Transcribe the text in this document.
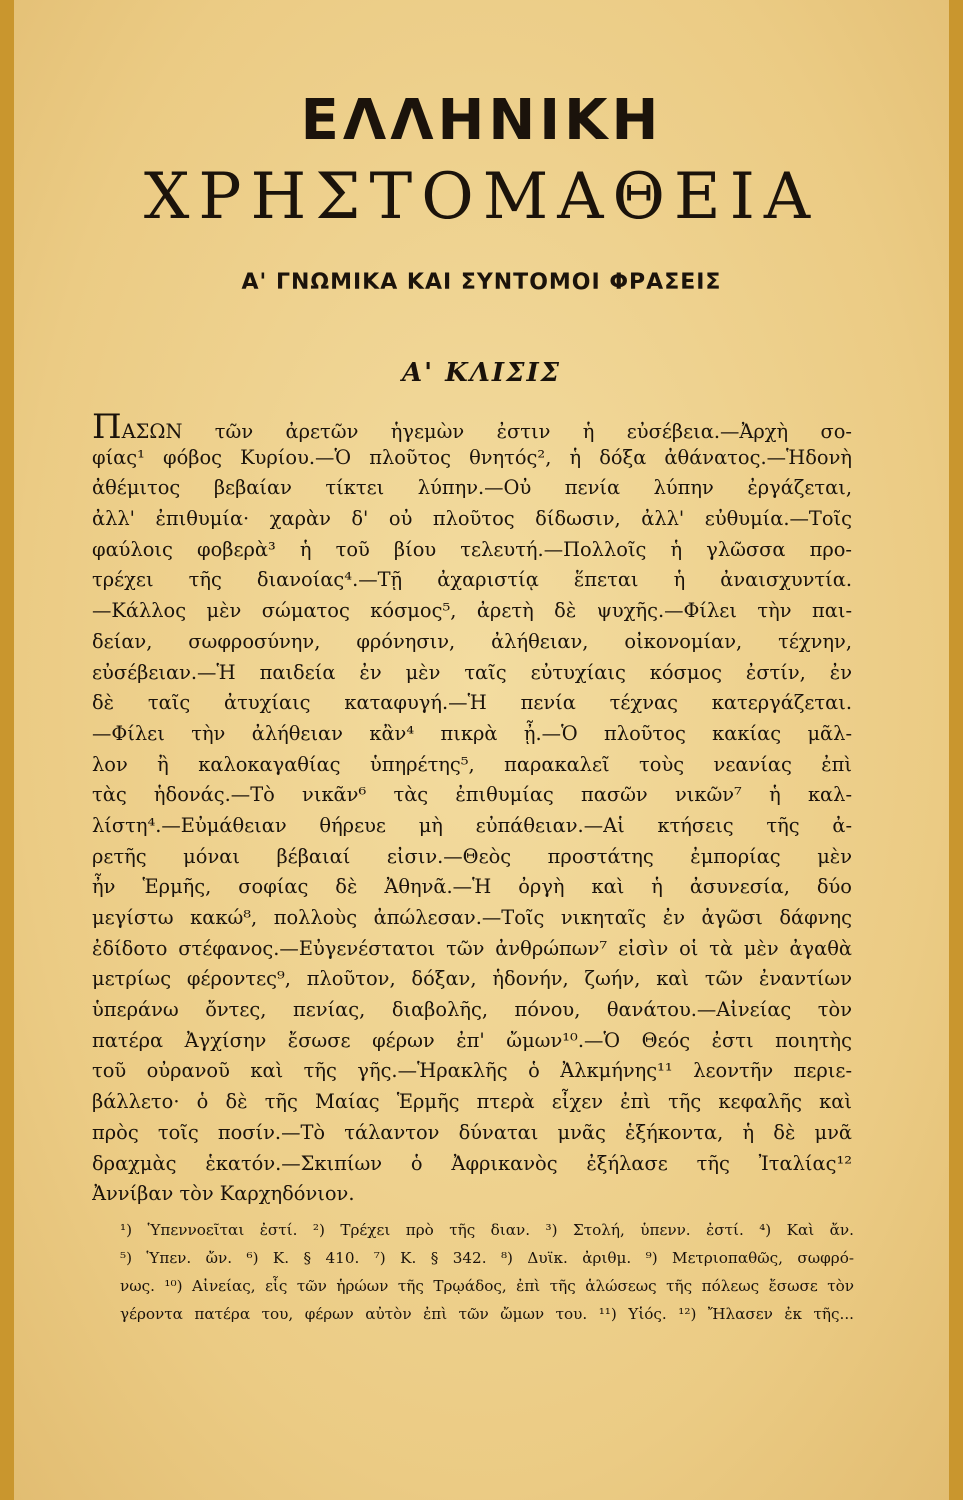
ΕΛΛΗΝΙΚΗ
ΧΡΗΣΤΟΜΑΘΕΙΑ
Α' ΓΝΩΜΙΚΑ ΚΑΙ ΣΥΝΤΟΜΟΙ ΦΡΑΣΕΙΣ
Α' ΚΛΙΣΙΣ
ΠΑΣΩΝ τῶν ἀρετῶν ἡγεμὼν ἐστιν ἡ εὐσέβεια.—Ἀρχὴ σο-
φίας¹ φόβος Κυρίου.—Ὁ πλοῦτος θνητός², ἡ δόξα ἀθάνατος.—Ἡδονὴ
ἀθέμιτος βεβαίαν τίκτει λύπην.—Οὐ πενία λύπην ἐργάζεται,
ἀλλ' ἐπιθυμία· χαρὰν δ' οὐ πλοῦτος δίδωσιν, ἀλλ' εὐθυμία.—Τοῖς
φαύλοις φοβερὰ³ ἡ τοῦ βίου τελευτή.—Πολλοῖς ἡ γλῶσσα προ-
τρέχει τῆς διανοίας⁴.—Τῇ ἀχαριστίᾳ ἕπεται ἡ ἀναισχυντία.
—Κάλλος μὲν σώματος κόσμος⁵, ἀρετὴ δὲ ψυχῆς.—Φίλει τὴν παι-
δείαν, σωφροσύνην, φρόνησιν, ἀλήθειαν, οἰκονομίαν, τέχνην,
εὐσέβειαν.—Ἡ παιδεία ἐν μὲν ταῖς εὐτυχίαις κόσμος ἐστίν, ἐν
δὲ ταῖς ἀτυχίαις καταφυγή.—Ἡ πενία τέχνας κατεργάζεται.
—Φίλει τὴν ἀλήθειαν κἂν⁴ πικρὰ ᾖ.—Ὁ πλοῦτος κακίας μᾶλ-
λον ἢ καλοκαγαθίας ὑπηρέτης⁵, παρακαλεῖ τοὺς νεανίας ἐπὶ
τὰς ἡδονάς.—Τὸ νικᾶν⁶ τὰς ἐπιθυμίας πασῶν νικῶν⁷ ἡ καλ-
λίστη⁴.—Εὐμάθειαν θήρευε μὴ εὐπάθειαν.—Αἱ κτήσεις τῆς ἀ-
ρετῆς μόναι βέβαιαί εἰσιν.—Θεὸς προστάτης ἐμπορίας μὲν
ἦν Ἑρμῆς, σοφίας δὲ Ἀθηνᾶ.—Ἡ ὀργὴ καὶ ἡ ἀσυνεσία, δύο
μεγίστω κακώ⁸, πολλοὺς ἀπώλεσαν.—Τοῖς νικηταῖς ἐν ἀγῶσι δάφνης
ἐδίδοτο στέφανος.—Εὐγενέστατοι τῶν ἀνθρώπων⁷ εἰσὶν οἱ τὰ μὲν ἀγαθὰ
μετρίως φέροντες⁹, πλοῦτον, δόξαν, ἡδονήν, ζωήν, καὶ τῶν ἐναντίων
ὑπεράνω ὄντες, πενίας, διαβολῆς, πόνου, θανάτου.—Αἰνείας τὸν
πατέρα Ἀγχίσην ἔσωσε φέρων ἐπ' ὤμων¹⁰.—Ὁ Θεός ἐστι ποιητὴς
τοῦ οὐρανοῦ καὶ τῆς γῆς.—Ἡρακλῆς ὁ Ἀλκμήνης¹¹ λεοντῆν περιε-
βάλλετο· ὁ δὲ τῆς Μαίας Ἑρμῆς πτερὰ εἶχεν ἐπὶ τῆς κεφαλῆς καὶ
πρὸς τοῖς ποσίν.—Τὸ τάλαντον δύναται μνᾶς ἑξήκοντα, ἡ δὲ μνᾶ
δραχμὰς ἑκατόν.—Σκιπίων ὁ Ἀφρικανὸς ἐξήλασε τῆς Ἰταλίας¹²
Ἀννίβαν τὸν Καρχηδόνιον.
¹) Ὑπεννοεῖται ἐστί. ²) Τρέχει πρὸ τῆς διαν. ³) Στολή, ὑπενν. ἐστί. ⁴) Καὶ ἄν.
⁵) Ὑπεν. ὤν. ⁶) Κ. § 410. ⁷) Κ. § 342. ⁸) Δυϊκ. ἀριθμ. ⁹) Μετριοπαθῶς, σωφρό-
νως. ¹⁰) Αἰνείας, εἷς τῶν ἡρώων τῆς Τρῳάδος, ἐπὶ τῆς ἁλώσεως τῆς πόλεως ἔσωσε τὸν
γέροντα πατέρα του, φέρων αὐτὸν ἐπὶ τῶν ὤμων του. ¹¹) Υἱός. ¹²) Ἤλασεν ἐκ τῆς...
